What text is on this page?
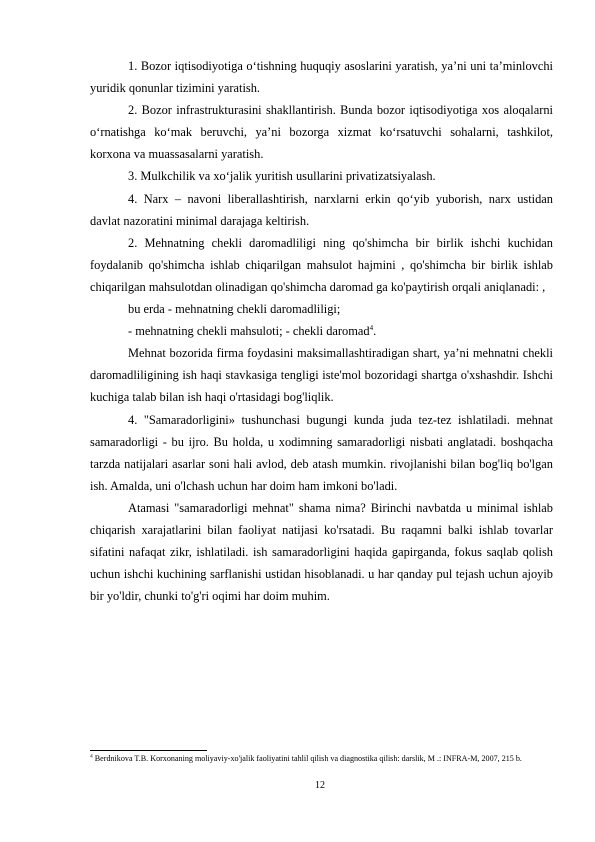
1. Bozor iqtisodiyotiga o‘tishning huquqiy asoslarini yaratish, ya’ni uni ta’minlovchi yuridik qonunlar tizimini yaratish.

2. Bozor infrastrukturasini shakllantirish. Bunda bozor iqtisodiyotiga xos aloqalarni o‘rnatishga ko‘mak beruvchi, ya’ni bozorga xizmat ko‘rsatuvchi sohalarni, tashkilot, korxona va muassasalarni yaratish.

3. Mulkchilik va xo‘jalik yuritish usullarini privatizatsiyalash.

4. Narx – navoni liberallashtirish, narxlarni erkin qo‘yib yuborish, narx ustidan davlat nazoratini minimal darajaga keltirish.

2. Mehnatning chekli daromadliligi ning qo'shimcha bir birlik ishchi kuchidan foydalanib qo'shimcha ishlab chiqarilgan mahsulot hajmini , qo'shimcha bir birlik ishlab chiqarilgan mahsulotdan olinadigan qo'shimcha daromad ga ko'paytirish orqali aniqlanadi: ,

bu erda - mehnatning chekli daromadliligi;

- mehnatning chekli mahsuloti; - chekli daromad$^4$.

Mehnat bozorida firma foydasini maksimallashtiradigan shart, ya’ni mehnatni chekli daromadliligining ish haqi stavkasiga tengligi iste'mol bozoridagi shartga o'xshashdir. Ishchi kuchiga talab bilan ish haqi o'rtasidagi bog'liqlik.

4. "Samaradorligini» tushunchasi bugungi kunda juda tez-tez ishlatiladi. mehnat samaradorligi - bu ijro. Bu holda, u xodimning samaradorligi nisbati anglatadi. boshqacha tarzda natijalari asarlar soni hali avlod, deb atash mumkin. rivojlanishi bilan bog'liq bo'lgan ish. Amalda, uni o'lchash uchun har doim ham imkoni bo'ladi.

Atamasi "samaradorligi mehnat" shama nima? Birinchi navbatda u minimal ishlab chiqarish xarajatlarini bilan faoliyat natijasi ko'rsatadi. Bu raqamni balki ishlab tovarlar sifatini nafaqat zikr, ishlatiladi. ish samaradorligini haqida gapirganda, fokus saqlab qolish uchun ishchi kuchining sarflanishi ustidan hisoblanadi. u har qanday pul tejash uchun ajoyib bir yo'ldir, chunki to'g'ri oqimi har doim muhim.

$^4$ Berdnikova T.B. Korxonaning moliyaviy-xo'jalik faoliyatini tahlil qilish va diagnostika qilish: darslik, M .: INFRA-M, 2007, 215 b.
12
